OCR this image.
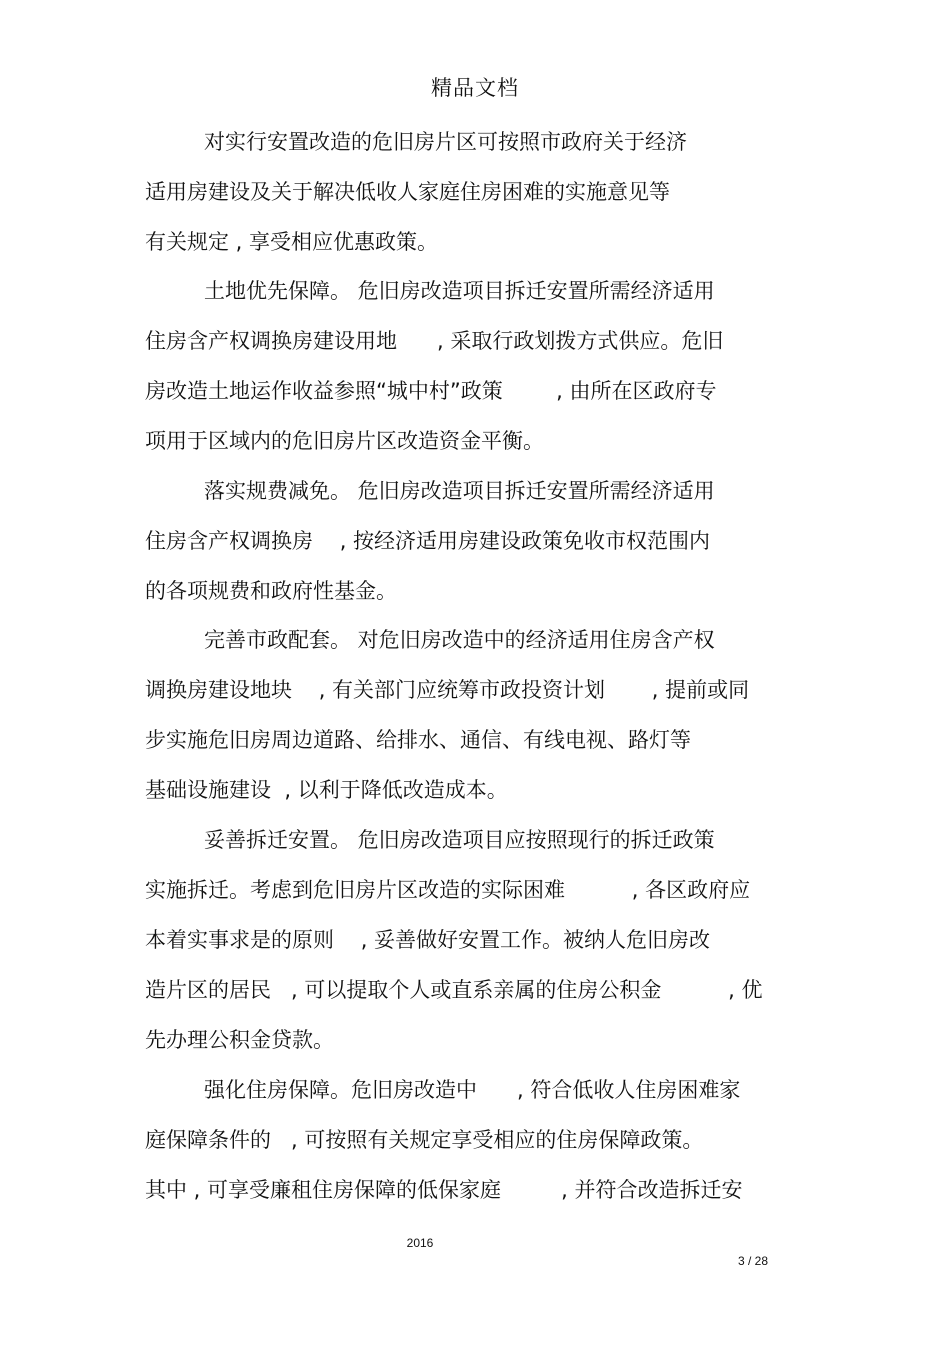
精品文档
对实行安置改造的危旧房片区可按照市政府关于经济
适用房建设及关于解决低收人家庭住房困难的实施意见等
有关规定 , 享受相应优惠政策。
土地优先保障。 危旧房改造项目拆迁安置所需经济适用
住房含产权调换房建设用地      , 采取行政划拨方式供应。危旧
房改造土地运作收益参照“城中村”政策        , 由所在区政府专
项用于区域内的危旧房片区改造资金平衡。
落实规费减免。 危旧房改造项目拆迁安置所需经济适用
住房含产权调换房    , 按经济适用房建设政策免收市权范围内
的各项规费和政府性基金。
完善市政配套。 对危旧房改造中的经济适用住房含产权
调换房建设地块    , 有关部门应统筹市政投资计划       , 提前或同
步实施危旧房周边道路、给排水、通信、有线电视、路灯等
基础设施建设  , 以利于降低改造成本。
妥善拆迁安置。 危旧房改造项目应按照现行的拆迁政策
实施拆迁。考虑到危旧房片区改造的实际困难          , 各区政府应
本着实事求是的原则    , 妥善做好安置工作。被纳人危旧房改
造片区的居民   , 可以提取个人或直系亲属的住房公积金          , 优
先办理公积金贷款。
强化住房保障。危旧房改造中      , 符合低收人住房困难家
庭保障条件的   , 可按照有关规定享受相应的住房保障政策。
其中 , 可享受廉租住房保障的低保家庭         , 并符合改造拆迁安
2016
3 / 28
